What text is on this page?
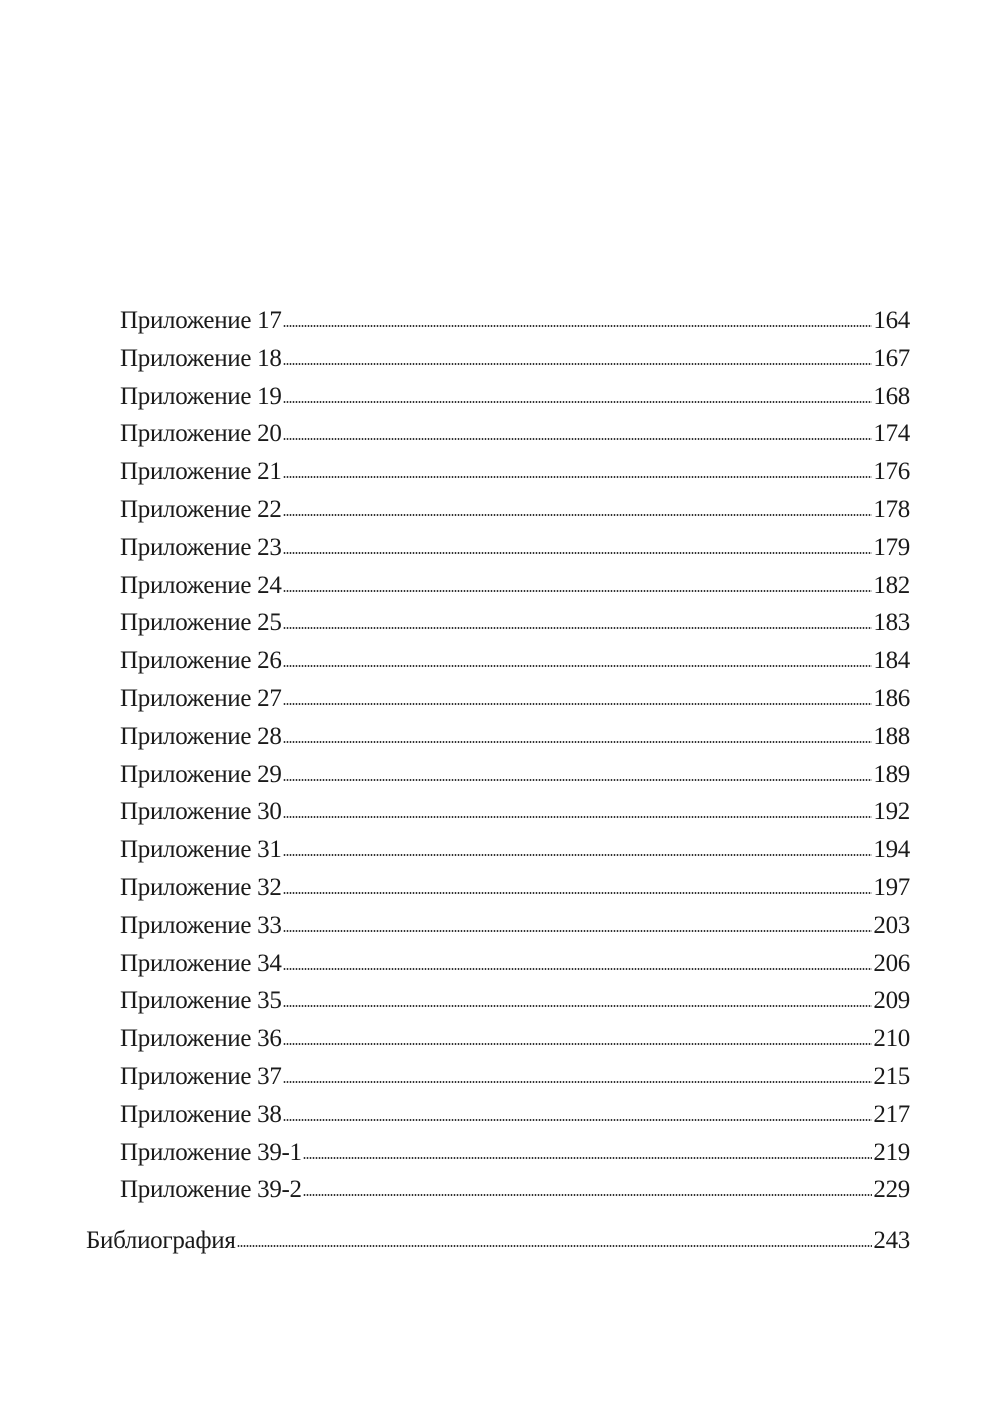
Приложение 17	164
Приложение 18	167
Приложение 19	168
Приложение 20	174
Приложение 21	176
Приложение 22	178
Приложение 23	179
Приложение 24	182
Приложение 25	183
Приложение 26	184
Приложение 27	186
Приложение 28	188
Приложение 29	189
Приложение 30	192
Приложение 31	194
Приложение 32	197
Приложение 33	203
Приложение 34	206
Приложение 35	209
Приложение 36	210
Приложение 37	215
Приложение 38	217
Приложение 39-1	219
Приложение 39-2	229
Библиография	243
